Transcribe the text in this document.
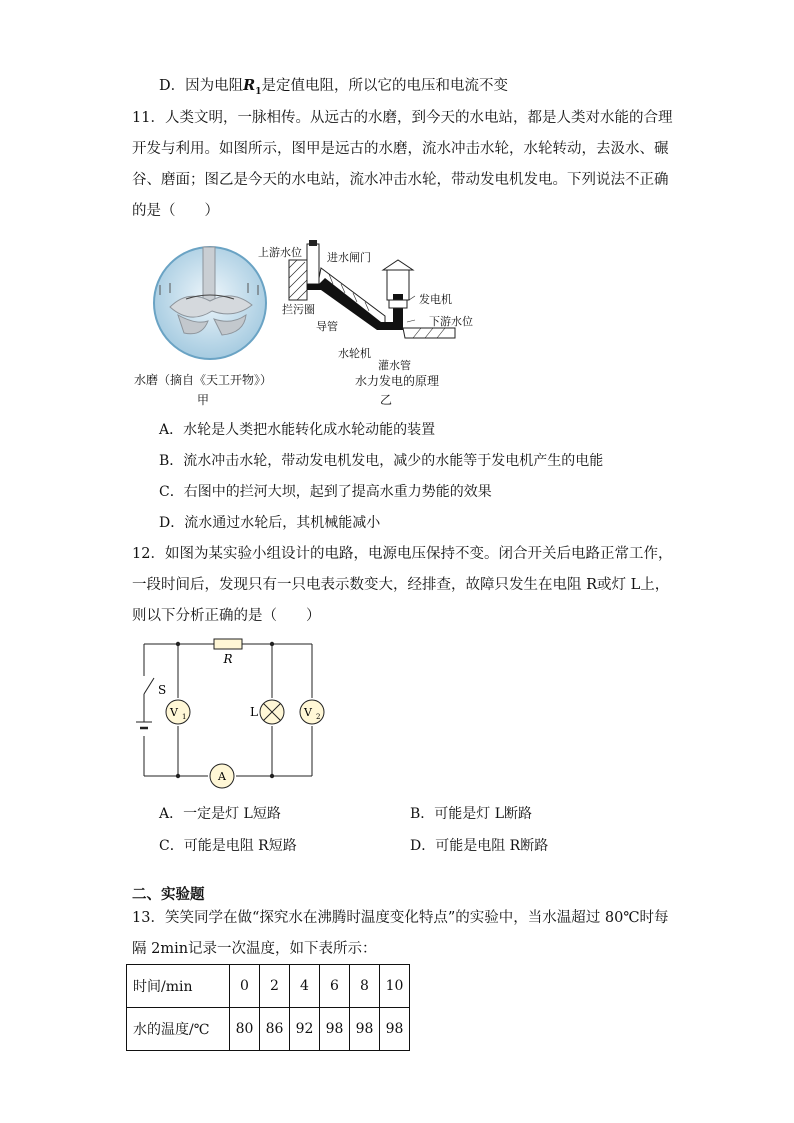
D．因为电阻$R_1$是定值电阻，所以它的电压和电流不变
11．人类文明，一脉相传。从远古的水磨，到今天的水电站，都是人类对水能的合理
开发与利用。如图所示，图甲是远古的水磨，流水冲击水轮，水轮转动，去汲水、碾
谷、磨面；图乙是今天的水电站，流水冲击水轮，带动发电机发电。下列说法不正确
的是（　　）
水磨（摘自《天工开物》）
甲
上游水位 进水闸门
拦污圈
导管
发电机
下游水位
水轮机
灌水管
水力发电的原理
乙
A．水轮是人类把水能转化成水轮动能的装置
B．流水冲击水轮，带动发电机发电，减少的水能等于发电机产生的电能
C．右图中的拦河大坝，起到了提高水重力势能的效果
D．流水通过水轮后，其机械能减小
12．如图为某实验小组设计的电路，电源电压保持不变。闭合开关后电路正常工作，
一段时间后，发现只有一只电表示数变大，经排查，故障只发生在电阻 R或灯 L上，
则以下分析正确的是（　　）
R
S
L
V 1	V 2
A
A．一定是灯 L短路	B．可能是灯 L断路
C．可能是电阻 R短路	D．可能是电阻 R断路
二、实验题
13．笑笑同学在做“探究水在沸腾时温度变化特点”的实验中，当水温超过 80℃时每
隔 2min记录一次温度，如下表所示：
时间/min	0	2	4	6	8	10
水的温度/℃	80	86	92	98	98	98
